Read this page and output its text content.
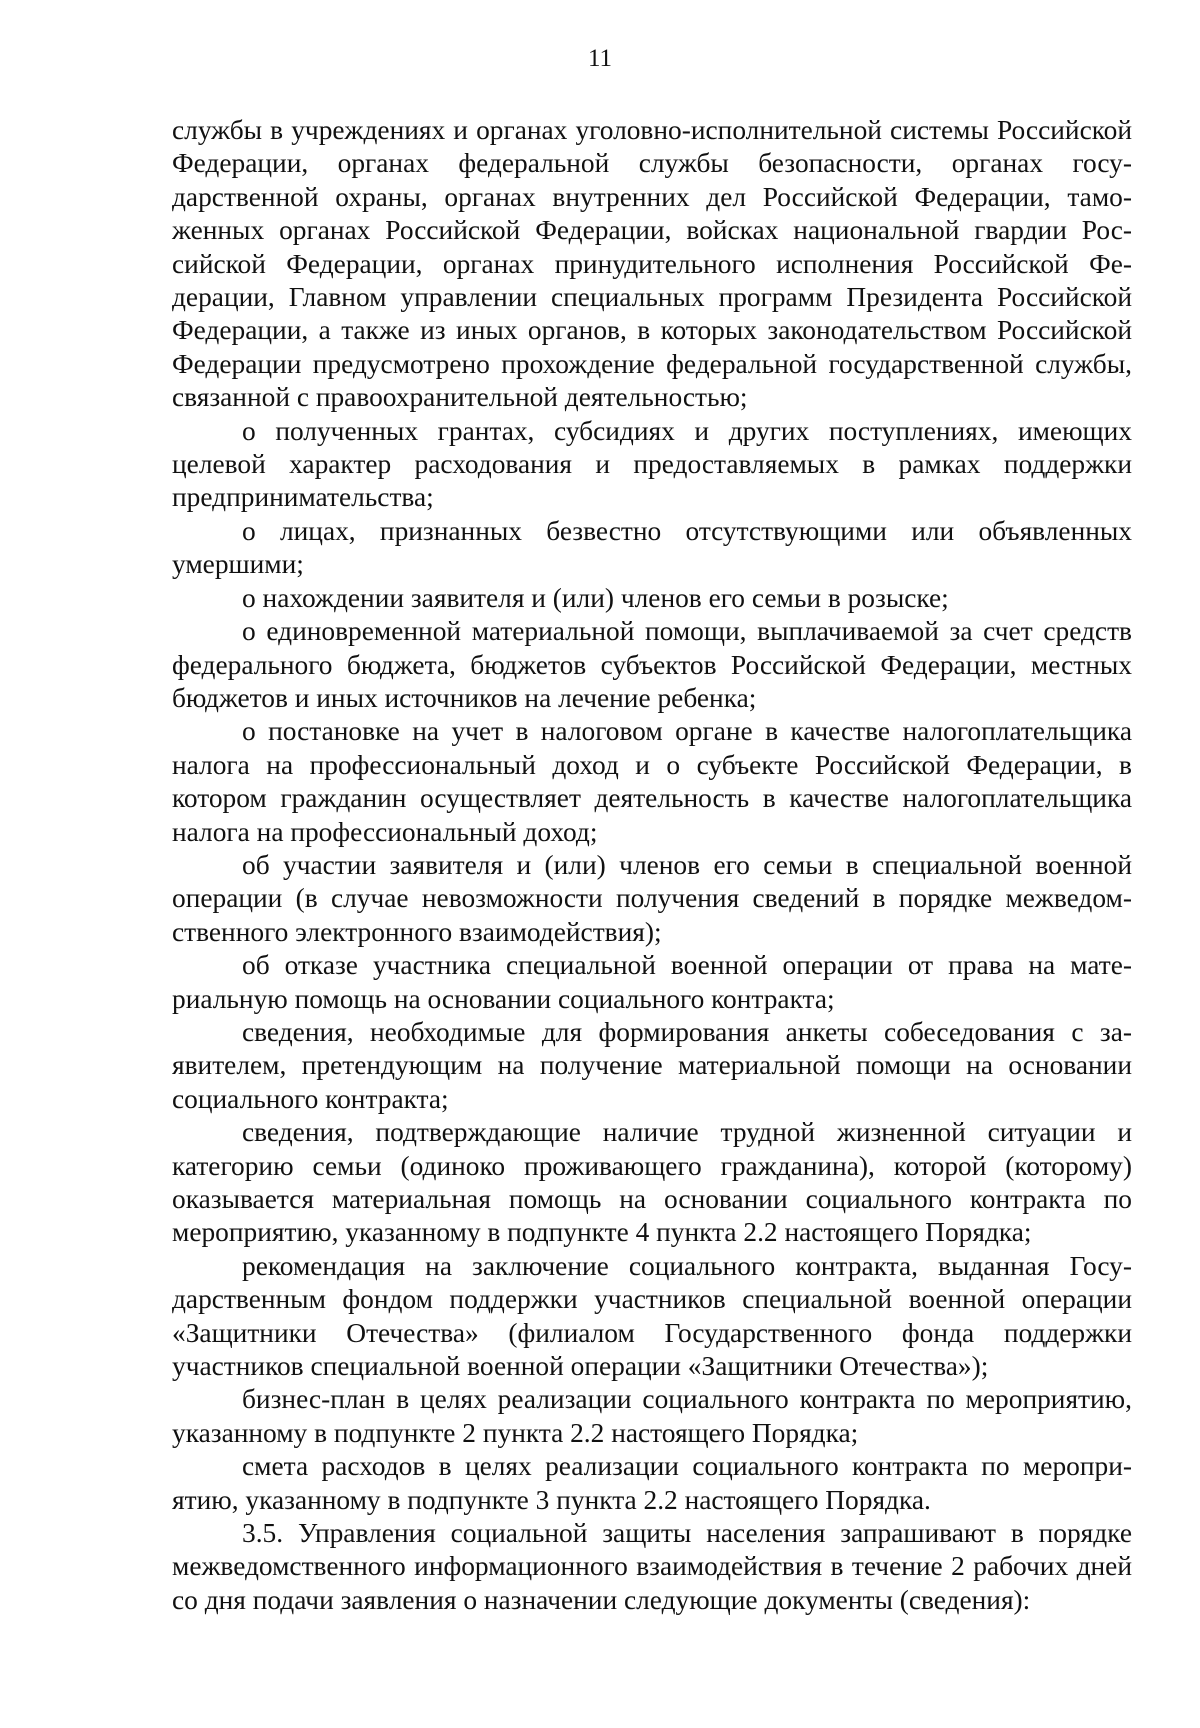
11

службы в учреждениях и органах уголовно-исполнительной системы Российской Федерации, органах федеральной службы безопасности, органах государственной охраны, органах внутренних дел Российской Федерации, таможенных органах Российской Федерации, войсках национальной гвардии Российской Федерации, органах принудительного исполнения Российской Федерации, Главном управлении специальных программ Президента Российской Федерации, а также из иных органов, в которых законодательством Российской Федерации предусмотрено прохождение федеральной государственной службы, связанной с правоохранительной деятельностью;

о полученных грантах, субсидиях и других поступлениях, имеющих целевой характер расходования и предоставляемых в рамках поддержки предпринимательства;

о лицах, признанных безвестно отсутствующими или объявленных умершими;

о нахождении заявителя и (или) членов его семьи в розыске;

о единовременной материальной помощи, выплачиваемой за счет средств федерального бюджета, бюджетов субъектов Российской Федерации, местных бюджетов и иных источников на лечение ребенка;

о постановке на учет в налоговом органе в качестве налогоплательщика налога на профессиональный доход и о субъекте Российской Федерации, в котором гражданин осуществляет деятельность в качестве налогоплательщика налога на профессиональный доход;

об участии заявителя и (или) членов его семьи в специальной военной операции (в случае невозможности получения сведений в порядке межведомственного электронного взаимодействия);

об отказе участника специальной военной операции от права на материальную помощь на основании социального контракта;

сведения, необходимые для формирования анкеты собеседования с заявителем, претендующим на получение материальной помощи на основании социального контракта;

сведения, подтверждающие наличие трудной жизненной ситуации и категорию семьи (одиноко проживающего гражданина), которой (которому) оказывается материальная помощь на основании социального контракта по мероприятию, указанному в подпункте 4 пункта 2.2 настоящего Порядка;

рекомендация на заключение социального контракта, выданная Государственным фондом поддержки участников специальной военной операции «Защитники Отечества» (филиалом Государственного фонда поддержки участников специальной военной операции «Защитники Отечества»);

бизнес-план в целях реализации социального контракта по мероприятию, указанному в подпункте 2 пункта 2.2 настоящего Порядка;

смета расходов в целях реализации социального контракта по мероприятию, указанному в подпункте 3 пункта 2.2 настоящего Порядка.

3.5. Управления социальной защиты населения запрашивают в порядке межведомственного информационного взаимодействия в течение 2 рабочих дней со дня подачи заявления о назначении следующие документы (сведения):
